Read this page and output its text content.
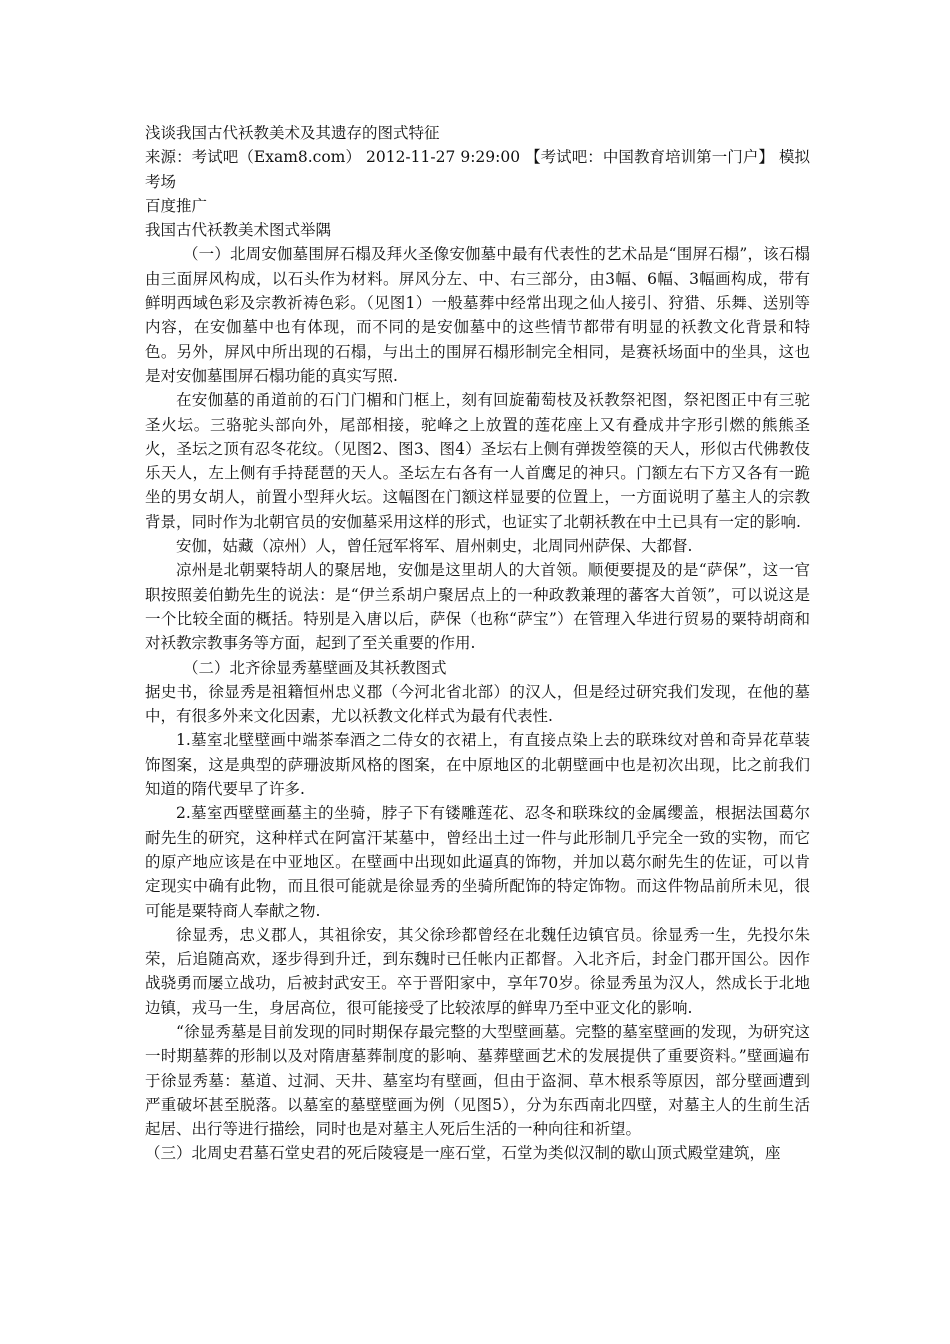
浅谈我国古代袄教美术及其遗存的图式特征

来源：考试吧（Exam8.com） 2012-11-27 9:29:00 【考试吧：中国教育培训第一门户】 模拟考场

百度推广

我国古代袄教美术图式举隅

（一）北周安伽墓围屏石榻及拜火圣像安伽墓中最有代表性的艺术品是“围屏石榻”，该石榻由三面屏风构成，以石头作为材料。屏风分左、中、右三部分，由3幅、6幅、3幅画构成，带有鲜明西域色彩及宗教祈祷色彩。（见图1）一般墓葬中经常出现之仙人接引、狩猎、乐舞、送别等内容，在安伽墓中也有体现，而不同的是安伽墓中的这些情节都带有明显的袄教文化背景和特色。另外，屏风中所出现的石榻，与出土的围屏石榻形制完全相同，是赛袄场面中的坐具，这也是对安伽墓围屏石榻功能的真实写照.

在安伽墓的甬道前的石门门楣和门框上，刻有回旋葡萄枝及袄教祭祀图，祭祀图正中有三驼圣火坛。三骆驼头部向外，尾部相接，驼峰之上放置的莲花座上又有叠成井字形引燃的熊熊圣火，圣坛之顶有忍冬花纹。（见图2、图3、图4）圣坛右上侧有弹拨箜篌的天人，形似古代佛教伎乐天人，左上侧有手持琵琶的天人。圣坛左右各有一人首鹰足的神只。门额左右下方又各有一跪坐的男女胡人，前置小型拜火坛。这幅图在门额这样显要的位置上，一方面说明了墓主人的宗教背景，同时作为北朝官员的安伽墓采用这样的形式，也证实了北朝袄教在中土已具有一定的影响.

安伽，姑藏（凉州）人，曾任冠军将军、眉州刺史，北周同州萨保、大都督.

凉州是北朝粟特胡人的聚居地，安伽是这里胡人的大首领。顺便要提及的是“萨保”，这一官职按照姜伯勤先生的说法：是“伊兰系胡户聚居点上的一种政教兼理的蕃客大首领”，可以说这是一个比较全面的概括。特别是入唐以后，萨保（也称“萨宝”）在管理入华进行贸易的粟特胡商和对袄教宗教事务等方面，起到了至关重要的作用.

（二）北齐徐显秀墓壁画及其袄教图式

据史书，徐显秀是祖籍恒州忠义郡（今河北省北部）的汉人，但是经过研究我们发现，在他的墓中，有很多外来文化因素，尤以袄教文化样式为最有代表性.

1.墓室北壁壁画中端茶奉酒之二侍女的衣裙上，有直接点染上去的联珠纹对兽和奇异花草装饰图案，这是典型的萨珊波斯风格的图案，在中原地区的北朝壁画中也是初次出现，比之前我们知道的隋代要早了许多.

2.墓室西壁壁画墓主的坐骑，脖子下有镂雕莲花、忍冬和联珠纹的金属缨盖，根据法国葛尔耐先生的研究，这种样式在阿富汗某墓中，曾经出土过一件与此形制几乎完全一致的实物，而它的原产地应该是在中亚地区。在壁画中出现如此逼真的饰物，并加以葛尔耐先生的佐证，可以肯定现实中确有此物，而且很可能就是徐显秀的坐骑所配饰的特定饰物。而这件物品前所未见，很可能是粟特商人奉献之物.

徐显秀，忠义郡人，其祖徐安，其父徐珍都曾经在北魏任边镇官员。徐显秀一生，先投尔朱荣，后追随高欢，逐步得到升迁，到东魏时已任帐内正都督。入北齐后，封金门郡开国公。因作战骁勇而屡立战功，后被封武安王。卒于晋阳家中，享年70岁。徐显秀虽为汉人，然成长于北地边镇，戎马一生，身居高位，很可能接受了比较浓厚的鲜卑乃至中亚文化的影响.

“徐显秀墓是目前发现的同时期保存最完整的大型壁画墓。完整的墓室壁画的发现，为研究这一时期墓葬的形制以及对隋唐墓葬制度的影响、墓葬壁画艺术的发展提供了重要资料。”壁画遍布于徐显秀墓：墓道、过洞、天井、墓室均有壁画，但由于盗洞、草木根系等原因，部分壁画遭到严重破坏甚至脱落。以墓室的墓壁壁画为例（见图5），分为东西南北四壁，对墓主人的生前生活起居、出行等进行描绘，同时也是对墓主人死后生活的一种向往和祈望。

（三）北周史君墓石堂史君的死后陵寝是一座石堂，石堂为类似汉制的歇山顶式殿堂建筑，座
